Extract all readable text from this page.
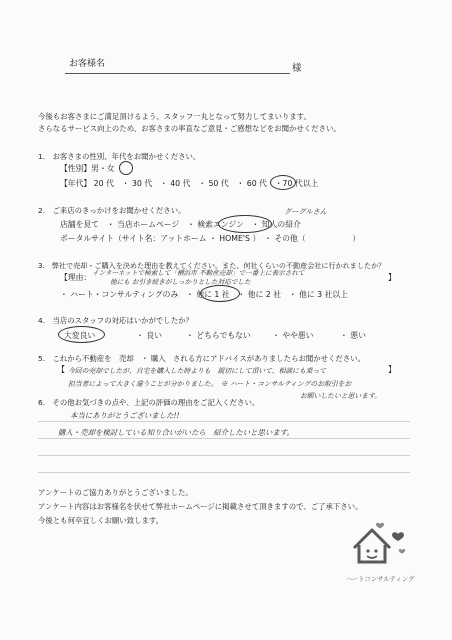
お客様名	様
今後もお客さまにご満足頂けるよう、スタッフ一丸となって努力してまいります。
さらなるサービス向上のため、お客さまの率直なご意見・ご感想などをお聞かせください。
1.　お客さまの性別、年代をお聞かせください。
【性別】男・女
【年代】 20 代　・ 30 代　・ 40 代　・ 50 代　・ 60 代　・70 代以上
2.　ご来店のきっかけをお聞かせください。	グーグルさん
店舗を見て　・ 当店ホームページ　・ 検索エンジン　・ 知人の紹介
ポータルサイト（サイト名：アットホーム ・ HOME'S ）　・ その他（　　　　　　）
3.　弊社で売却・ご購入を決めた理由を教えてください。また、何社くらいの不動産会社に行かれましたか？
【理由： インターネットで検索して「横浜市 不動産売却」で一番上に表示されて
他にも お引き続きがしっかりとした対応でした	】
・ ハート・コンサルティングのみ　・ 他に 1 社　・ 他に 2 社　・ 他に 3 社以上
4.　当店のスタッフの対応はいかがでしたか？
大変良い	・ 良い	・ どちらでもない	・ やや悪い	・ 悪い
5.　これから不動産を　売却　・ 購入　される方にアドバイスがありましたらお聞かせください。
【 今回の売却でしたが、自宅を購入した時よりも　親切にして頂いて、相談にも乗って
担当者によって大きく違うことが分かりました。　※ ハート・コンサルティングのお取引をお
お願いしたいと思います。
】
6.　その他お気づきの点や、上記の評価の理由をご記入ください。
本当にありがとうございました!!
購入・売却を検討している知り合いがいたら　紹介したいと思います。
アンケートのご協力ありがとうございました。
アンケート内容はお客様名を伏せて弊社ホームページに掲載させて頂きますので、ご了承下さい。
今後とも何卒宜しくお願い致します。
ハートコンサルティング
